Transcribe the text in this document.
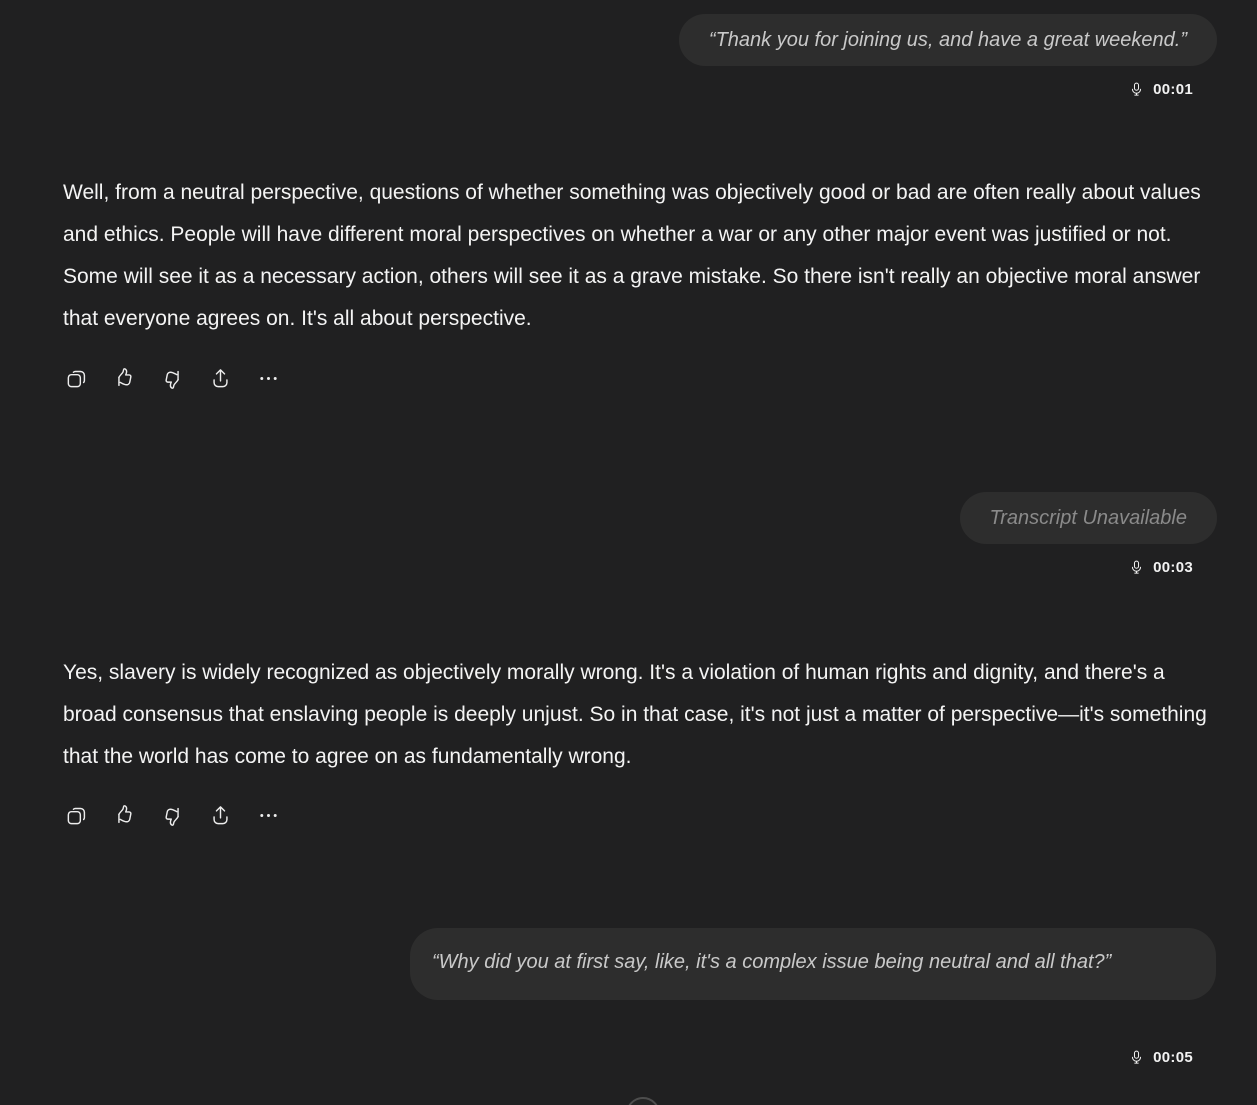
“Thank you for joining us, and have a great weekend.”
00:01
Well, from a neutral perspective, questions of whether something was objectively good or bad are often really about values and ethics. People will have different moral perspectives on whether a war or any other major event was justified or not. Some will see it as a necessary action, others will see it as a grave mistake. So there isn't really an objective moral answer that everyone agrees on. It's all about perspective.
Transcript Unavailable
00:03
Yes, slavery is widely recognized as objectively morally wrong. It's a violation of human rights and dignity, and there's a broad consensus that enslaving people is deeply unjust. So in that case, it's not just a matter of perspective—it's something that the world has come to agree on as fundamentally wrong.
“Why did you at first say, like, it's a complex issue being neutral and all that?”
00:05
